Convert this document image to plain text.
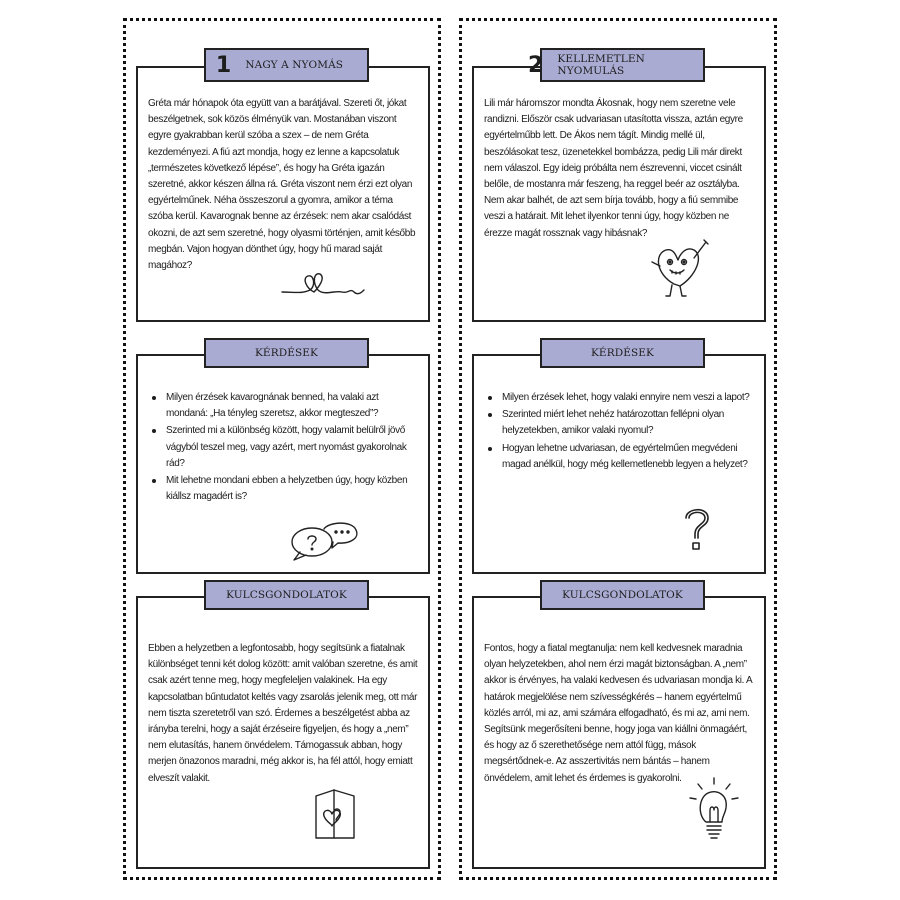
1 NAGY A NYOMÁS
Gréta már hónapok óta együtt van a barátjával. Szereti őt, jókat beszélgetnek, sok közös élményük van. Mostanában viszont egyre gyakrabban kerül szóba a szex – de nem Gréta kezdeményezi. A fiú azt mondja, hogy ez lenne a kapcsolatuk „természetes következő lépése”, és hogy ha Gréta igazán szeretné, akkor készen állna rá. Gréta viszont nem érzi ezt olyan egyértelműnek. Néha összeszorul a gyomra, amikor a téma szóba kerül. Kavarognak benne az érzések: nem akar csalódást okozni, de azt sem szeretné, hogy olyasmi történjen, amit később megbán. Vajon hogyan dönthet úgy, hogy hű marad saját magához?
KÉRDÉSEK
Milyen érzések kavarognának benned, ha valaki azt mondaná: „Ha tényleg szeretsz, akkor megteszed”?
Szerinted mi a különbség között, hogy valamit belülről jövő vágyból teszel meg, vagy azért, mert nyomást gyakorolnak rád?
Mit lehetne mondani ebben a helyzetben úgy, hogy közben kiállsz magadért is?
KULCSGONDOLATOK
Ebben a helyzetben a legfontosabb, hogy segítsünk a fiatalnak különbséget tenni két dolog között: amit valóban szeretne, és amit csak azért tenne meg, hogy megfeleljen valakinek. Ha egy kapcsolatban bűntudatot keltés vagy zsarolás jelenik meg, ott már nem tiszta szeretetről van szó. Érdemes a beszélgetést abba az irányba terelni, hogy a saját érzéseire figyeljen, és hogy a „nem” nem elutasítás, hanem önvédelem. Támogassuk abban, hogy merjen önazonos maradni, még akkor is, ha fél attól, hogy emiatt elveszít valakit.
2 KELLEMETLEN NYOMULÁS
Lili már háromszor mondta Ákosnak, hogy nem szeretne vele randizni. Először csak udvariasan utasította vissza, aztán egyre egyértelműbb lett. De Ákos nem tágít. Mindig mellé ül, beszólásokat tesz, üzenetekkel bombázza, pedig Lili már direkt nem válaszol. Egy ideig próbálta nem észrevenni, viccet csinált belőle, de mostanra már feszeng, ha reggel beér az osztályba. Nem akar balhét, de azt sem bírja tovább, hogy a fiú semmibe veszi a határait. Mit lehet ilyenkor tenni úgy, hogy közben ne érezze magát rossznak vagy hibásnak?
KÉRDÉSEK
Milyen érzések lehet, hogy valaki ennyire nem veszi a lapot?
Szerinted miért lehet nehéz határozottan fellépni olyan helyzetekben, amikor valaki nyomul?
Hogyan lehetne udvariasan, de egyértelműen megvédeni magad anélkül, hogy még kellemetlenebb legyen a helyzet?
KULCSGONDOLATOK
Fontos, hogy a fiatal megtanulja: nem kell kedvesnek maradnia olyan helyzetekben, ahol nem érzi magát biztonságban. A „nem” akkor is érvényes, ha valaki kedvesen és udvariasan mondja ki. A határok megjelölése nem szívességkérés – hanem egyértelmű közlés arról, mi az, ami számára elfogadható, és mi az, ami nem. Segítsünk megerősíteni benne, hogy joga van kiállni önmagáért, és hogy az ő szerethetősége nem attól függ, mások megsértődnek-e. Az asszertivitás nem bántás – hanem önvédelem, amit lehet és érdemes is gyakorolni.
